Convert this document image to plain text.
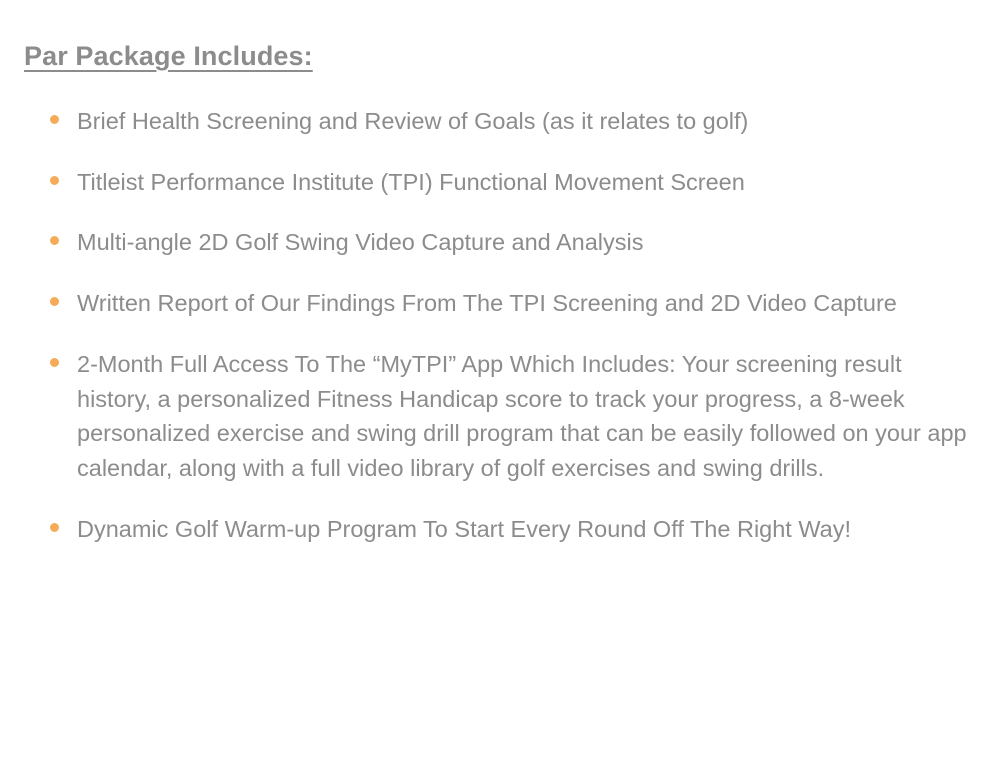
Par Package Includes:
Brief Health Screening and Review of Goals (as it relates to golf)
Titleist Performance Institute (TPI) Functional Movement Screen
Multi-angle 2D Golf Swing Video Capture and Analysis
Written Report of Our Findings From The TPI Screening and 2D Video Capture
2-Month Full Access To The “MyTPI” App Which Includes: Your screening result history, a personalized Fitness Handicap score to track your progress, a 8-week personalized exercise and swing drill program that can be easily followed on your app calendar, along with a full video library of golf exercises and swing drills.
Dynamic Golf Warm-up Program To Start Every Round Off The Right Way!
